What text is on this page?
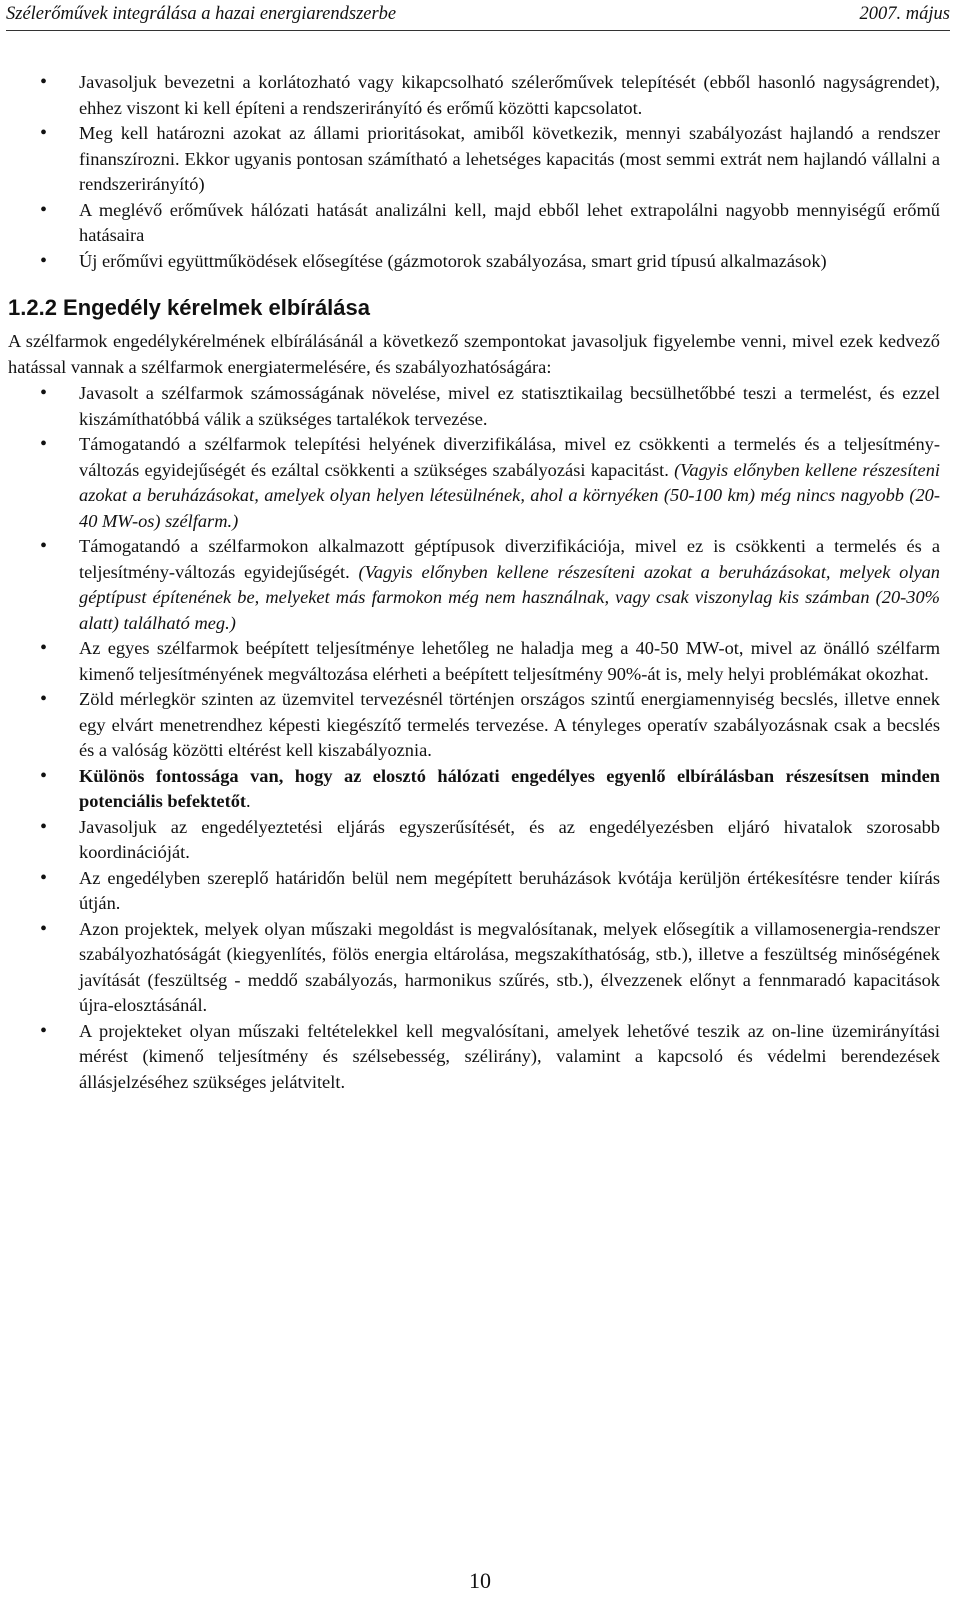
Szélerőművek integrálása a hazai energiarendszerbe	2007. május
• Javasoljuk bevezetni a korlátozható vagy kikapcsolható szélerőművek telepítését (ebből hasonló nagyságrendet), ehhez viszont ki kell építeni a rendszerirányító és erőmű közötti kapcsolatot.
• Meg kell határozni azokat az állami prioritásokat, amiből következik, mennyi szabályozást hajlandó a rendszer finanszírozni. Ekkor ugyanis pontosan számítható a lehetséges kapacitás (most semmi extrát nem hajlandó vállalni a rendszerirányító)
• A meglévő erőművek hálózati hatását analizálni kell, majd ebből lehet extrapolálni nagyobb mennyiségű erőmű hatásaira
• Új erőművi együttműködések elősegítése (gázmotorok szabályozása, smart grid típusú alkalmazások)
1.2.2 Engedély kérelmek elbírálása

A szélfarmok engedélykérelmének elbírálásánál a következő szempontokat javasoljuk figyelembe venni, mivel ezek kedvező hatással vannak a szélfarmok energiatermelésére, és szabályozhatóságára:

• Javasolt a szélfarmok számosságának növelése, mivel ez statisztikailag becsülhetőbbé teszi a termelést, és ezzel kiszámíthatóbbá válik a szükséges tartalékok tervezése.
• Támogatandó a szélfarmok telepítési helyének diverzifikálása, mivel ez csökkenti a termelés és a teljesítmény-változás egyidejűségét és ezáltal csökkenti a szükséges szabályozási kapacitást. (Vagyis előnyben kellene részesíteni azokat a beruházásokat, amelyek olyan helyen létesülnének, ahol a környéken (50-100 km) még nincs nagyobb (20-40 MW-os) szélfarm.)
• Támogatandó a szélfarmokon alkalmazott géptípusok diverzifikációja, mivel ez is csökkenti a termelés és a teljesítmény-változás egyidejűségét. (Vagyis előnyben kellene részesíteni azokat a beruházásokat, melyek olyan géptípust építenének be, melyeket más farmokon még nem használnak, vagy csak viszonylag kis számban (20-30% alatt) található meg.)
• Az egyes szélfarmok beépített teljesítménye lehetőleg ne haladja meg a 40-50 MW-ot, mivel az önálló szélfarm kimenő teljesítményének megváltozása elérheti a beépített teljesítmény 90%-át is, mely helyi problémákat okozhat.
• Zöld mérlegkör szinten az üzemvitel tervezésnél történjen országos szintű energiamennyiség becslés, illetve ennek egy elvárt menetrendhez képesti kiegészítő termelés tervezése. A tényleges operatív szabályozásnak csak a becslés és a valóság közötti eltérést kell kiszabályoznia.
• Különös fontossága van, hogy az elosztó hálózati engedélyes egyenlő elbírálásban részesítsen minden potenciális befektetőt.
• Javasoljuk az engedélyeztetési eljárás egyszerűsítését, és az engedélyezésben eljáró hivatalok szorosabb koordinációját.
• Az engedélyben szereplő határidőn belül nem megépített beruházások kvótája kerüljön értékesítésre tender kiírás útján.
• Azon projektek, melyek olyan műszaki megoldást is megvalósítanak, melyek elősegítik a villamosenergia-rendszer szabályozhatóságát (kiegyenlítés, fölös energia eltárolása, megszakíthatóság, stb.), illetve a feszültség minőségének javítását (feszültség - meddő szabályozás, harmonikus szűrés, stb.), élvezzenek előnyt a fennmaradó kapacitások újra-elosztásánál.
• A projekteket olyan műszaki feltételekkel kell megvalósítani, amelyek lehetővé teszik az on-line üzemirányítási mérést (kimenő teljesítmény és szélsebesség, szélirány), valamint a kapcsoló és védelmi berendezések állásjelzéséhez szükséges jelátvitelt.
10
